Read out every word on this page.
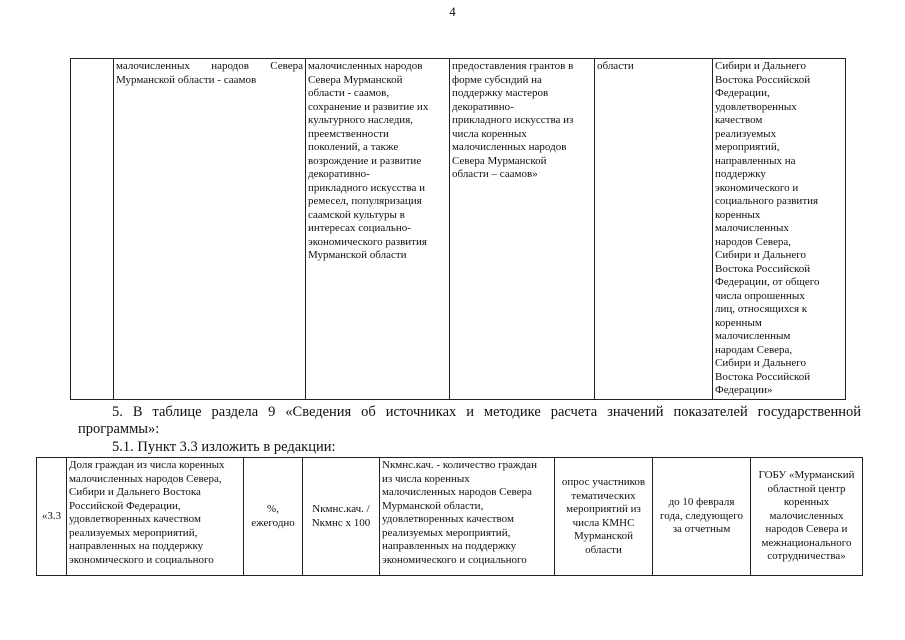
4
	малочисленных народов Севера Мурманской области - саамов	малочисленных народов
Севера Мурманской
области - саамов,
сохранение и развитие их
культурного наследия,
преемственности
поколений, а также
возрождение и развитие
декоративно-
прикладного искусства и
ремесел, популяризация
саамской культуры в
интересах социально-
экономического развития
Мурманской области	предоставления грантов в
форме субсидий на
поддержку мастеров
декоративно-
прикладного искусства из
числа коренных
малочисленных народов
Севера Мурманской
области – саамов»	области	Сибири и Дальнего
Востока Российской
Федерации,
удовлетворенных
качеством
реализуемых
мероприятий,
направленных на
поддержку
экономического и
социального развития
коренных
малочисленных
народов Севера,
Сибири и Дальнего
Востока Российской
Федерации, от общего
числа опрошенных
лиц, относящихся к
коренным
малочисленным
народам Севера,
Сибири и Дальнего
Востока Российской
Федерации»
5. В таблице раздела 9 «Сведения об источниках и методике расчета значений показателей государственной
программы»:
5.1. Пункт 3.3 изложить в редакции:
«3.3	Доля граждан из числа коренных
малочисленных народов Севера,
Сибири и Дальнего Востока
Российской Федерации,
удовлетворенных качеством
реализуемых мероприятий,
направленных на поддержку
экономического и социального	%,
ежегодно	Nкмнс.кач. /
Nкмнс х 100	Nкмнс.кач. - количество граждан
из числа коренных
малочисленных народов Севера
Мурманской области,
удовлетворенных качеством
реализуемых мероприятий,
направленных на поддержку
экономического и социального	опрос участников
тематических
мероприятий из
числа КМНС
Мурманской
области	до 10 февраля
года, следующего
за отчетным	ГОБУ «Мурманский
областной центр
коренных
малочисленных
народов Севера и
межнационального
сотрудничества»
